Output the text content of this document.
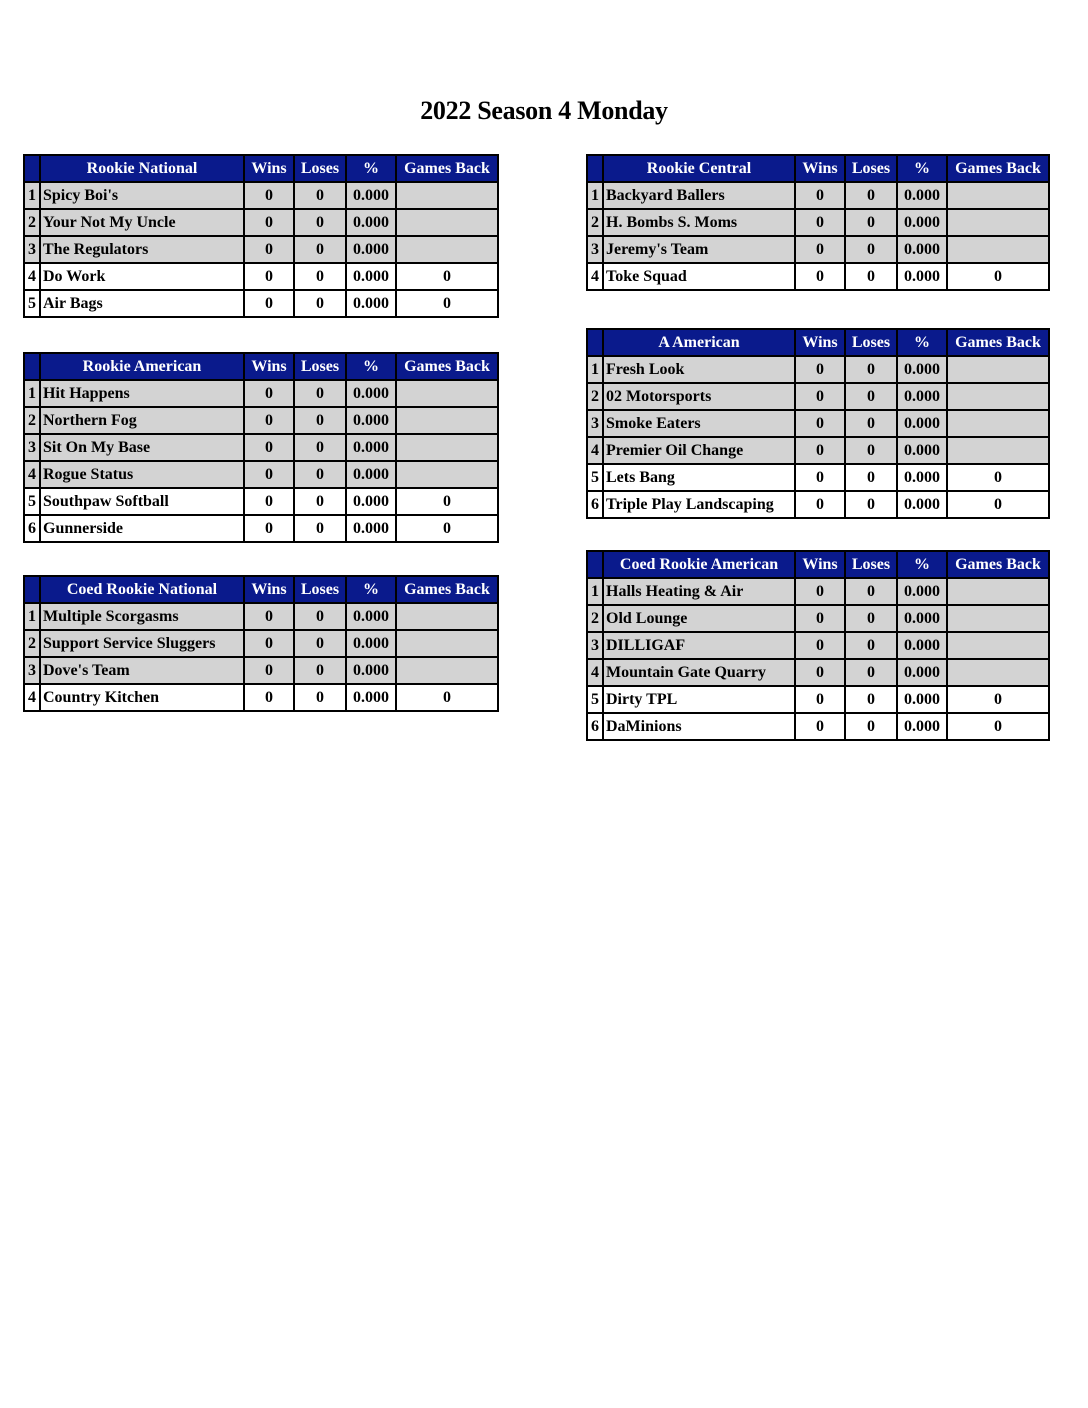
2022 Season 4 Monday
	Rookie National	Wins	Loses	%	Games Back
1	Spicy Boi's	0	0	0.000	
2	Your Not My Uncle	0	0	0.000	
3	The Regulators	0	0	0.000	
4	Do Work	0	0	0.000	0
5	Air Bags	0	0	0.000	0
	Rookie Central	Wins	Loses	%	Games Back
1	Backyard Ballers	0	0	0.000	
2	H. Bombs S. Moms	0	0	0.000	
3	Jeremy's Team	0	0	0.000	
4	Toke Squad	0	0	0.000	0
	A American	Wins	Loses	%	Games Back
1	Fresh Look	0	0	0.000	
2	02 Motorsports	0	0	0.000	
3	Smoke Eaters	0	0	0.000	
4	Premier Oil Change	0	0	0.000	
5	Lets Bang	0	0	0.000	0
6	Triple Play Landscaping	0	0	0.000	0
	Rookie American	Wins	Loses	%	Games Back
1	Hit Happens	0	0	0.000	
2	Northern Fog	0	0	0.000	
3	Sit On My Base	0	0	0.000	
4	Rogue Status	0	0	0.000	
5	Southpaw Softball	0	0	0.000	0
6	Gunnerside	0	0	0.000	0
	Coed Rookie American	Wins	Loses	%	Games Back
1	Halls Heating & Air	0	0	0.000	
2	Old Lounge	0	0	0.000	
3	DILLIGAF	0	0	0.000	
4	Mountain Gate Quarry	0	0	0.000	
5	Dirty TPL	0	0	0.000	0
6	DaMinions	0	0	0.000	0
	Coed Rookie National	Wins	Loses	%	Games Back
1	Multiple Scorgasms	0	0	0.000	
2	Support Service Sluggers	0	0	0.000	
3	Dove's Team	0	0	0.000	
4	Country Kitchen	0	0	0.000	0
